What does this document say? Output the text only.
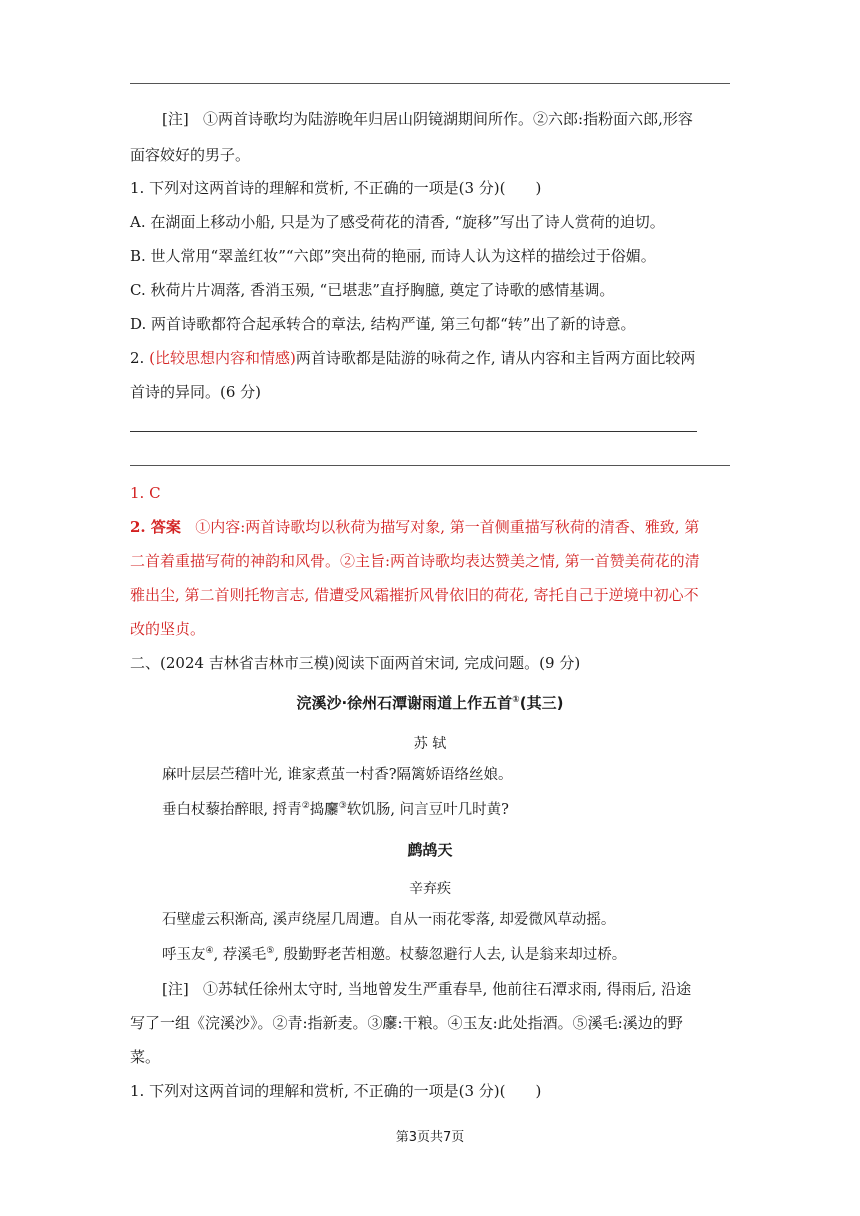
[注] ①两首诗歌均为陆游晚年归居山阴镜湖期间所作。②六郎:指粉面六郎,形容
面容姣好的男子。
1. 下列对这两首诗的理解和赏析, 不正确的一项是(3 分)(　　)
A. 在湖面上移动小船, 只是为了感受荷花的清香, “旋移”写出了诗人赏荷的迫切。
B. 世人常用“翠盖红妆”“六郎”突出荷的艳丽, 而诗人认为这样的描绘过于俗媚。
C. 秋荷片片凋落, 香消玉殒, “已堪悲”直抒胸臆, 奠定了诗歌的感情基调。
D. 两首诗歌都符合起承转合的章法, 结构严谨, 第三句都“转”出了新的诗意。
2. (比较思想内容和情感)两首诗歌都是陆游的咏荷之作, 请从内容和主旨两方面比较两
首诗的异同。(6 分)
1. C
2. 答案 ①内容:两首诗歌均以秋荷为描写对象, 第一首侧重描写秋荷的清香、雅致, 第
二首着重描写荷的神韵和风骨。②主旨:两首诗歌均表达赞美之情, 第一首赞美荷花的清
雅出尘, 第二首则托物言志, 借遭受风霜摧折风骨依旧的荷花, 寄托自己于逆境中初心不
改的坚贞。
二、(2024 吉林省吉林市三模)阅读下面两首宋词, 完成问题。(9 分)
浣溪沙·徐州石潭谢雨道上作五首①(其三)
苏 轼
麻叶层层苎𥡴叶光, 谁家煮茧一村香?隔篱娇语络丝娘。
垂白杖藜抬醉眼, 捋青②捣𪎭③软饥肠, 问言豆叶几时黄?
鹧鸪天
辛弃疾
石壁虚云积渐高, 溪声绕屋几周遭。自从一雨花零落, 却爱微风草动摇。
呼玉友④, 荐溪毛⑤, 殷勤野老苦相邀。杖藜忽避行人去, 认是翁来却过桥。
[注] ①苏轼任徐州太守时, 当地曾发生严重春旱, 他前往石潭求雨, 得雨后, 沿途
写了一组《浣溪沙》。②青:指新麦。③𪎭:干粮。④玉友:此处指酒。⑤溪毛:溪边的野
菜。
1. 下列对这两首词的理解和赏析, 不正确的一项是(3 分)(　　)
第3页共7页
